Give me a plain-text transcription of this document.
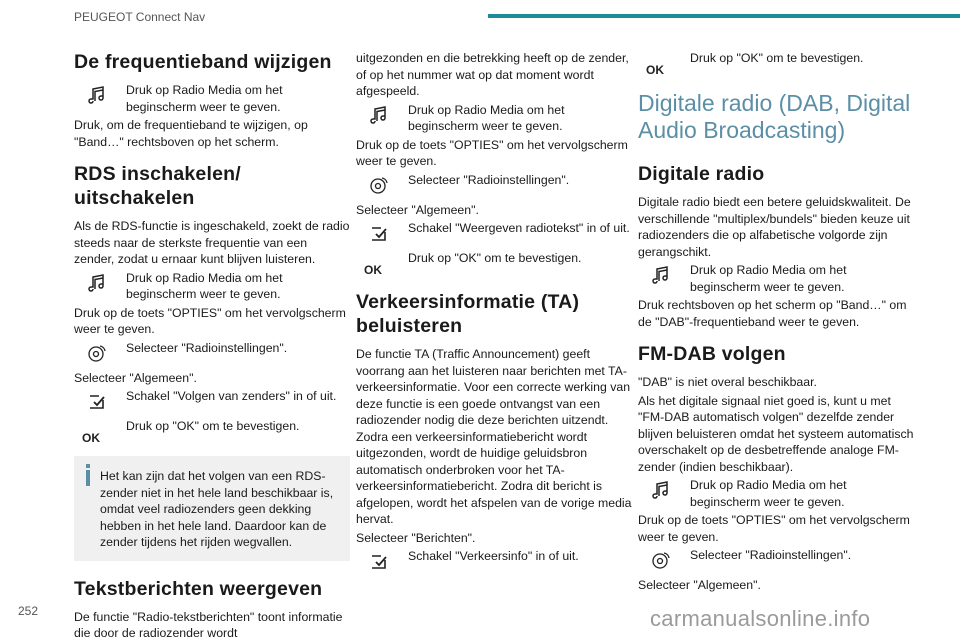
PEUGEOT Connect Nav
De frequentieband wijzigen
Druk op Radio Media om het beginscherm weer te geven.

Druk, om de frequentieband te wijzigen, op "Band…" rechtsboven op het scherm.

RDS inschakelen/ uitschakelen

Als de RDS-functie is ingeschakeld, zoekt de radio steeds naar de sterkste frequentie van een zender, zodat u ernaar kunt blijven luisteren.

Druk op Radio Media om het beginscherm weer te geven.

Druk op de toets "OPTIES" om het vervolgscherm weer te geven.

Selecteer "Radioinstellingen".

Selecteer "Algemeen".

Schakel "Volgen van zenders" in of uit.
OK
Druk op "OK" om te bevestigen.
Het kan zijn dat het volgen van een RDS-zender niet in het hele land beschikbaar is, omdat veel radiozenders geen dekking hebben in het hele land. Daardoor kan de zender tijdens het rijden wegvallen.
Tekstberichten weergeven

De functie "Radio-tekstberichten" toont informatie die door de radiozender wordt

uitgezonden en die betrekking heeft op de zender, of op het nummer wat op dat moment wordt afgespeeld.

Druk op Radio Media om het beginscherm weer te geven.

Druk op de toets "OPTIES" om het vervolgscherm weer te geven.

Selecteer "Radioinstellingen".

Selecteer "Algemeen".

Schakel "Weergeven radiotekst" in of uit.
OK
Druk op "OK" om te bevestigen.
Verkeersinformatie (TA) beluisteren

De functie TA (Traffic Announcement) geeft voorrang aan het luisteren naar berichten met TA-verkeersinformatie. Voor een correcte werking van deze functie is een goede ontvangst van een radiozender nodig die deze berichten uitzendt. Zodra een verkeersinformatiebericht wordt uitgezonden, wordt de huidige geluidsbron automatisch onderbroken voor het TA-verkeersinformatiebericht. Zodra dit bericht is afgelopen, wordt het afspelen van de vorige media hervat.

Selecteer "Berichten".

Schakel "Verkeersinfo" in of uit.
OK
Druk op "OK" om te bevestigen.
Digitale radio (DAB, Digital Audio Broadcasting)
Digitale radio

Digitale radio biedt een betere geluidskwaliteit. De verschillende "multiplex/bundels" bieden keuze uit radiozenders die op alfabetische volgorde zijn gerangschikt.

Druk op Radio Media om het beginscherm weer te geven.

Druk rechtsboven op het scherm op "Band…" om de "DAB"-frequentieband weer te geven.

FM-DAB volgen

"DAB" is niet overal beschikbaar.

Als het digitale signaal niet goed is, kunt u met "FM-DAB automatisch volgen" dezelfde zender blijven beluisteren omdat het systeem automatisch overschakelt op de desbetreffende analoge FM-zender (indien beschikbaar).

Druk op Radio Media om het beginscherm weer te geven.

Druk op de toets "OPTIES" om het vervolgscherm weer te geven.

Selecteer "Radioinstellingen".

Selecteer "Algemeen".

252	carmanualsonline.info
